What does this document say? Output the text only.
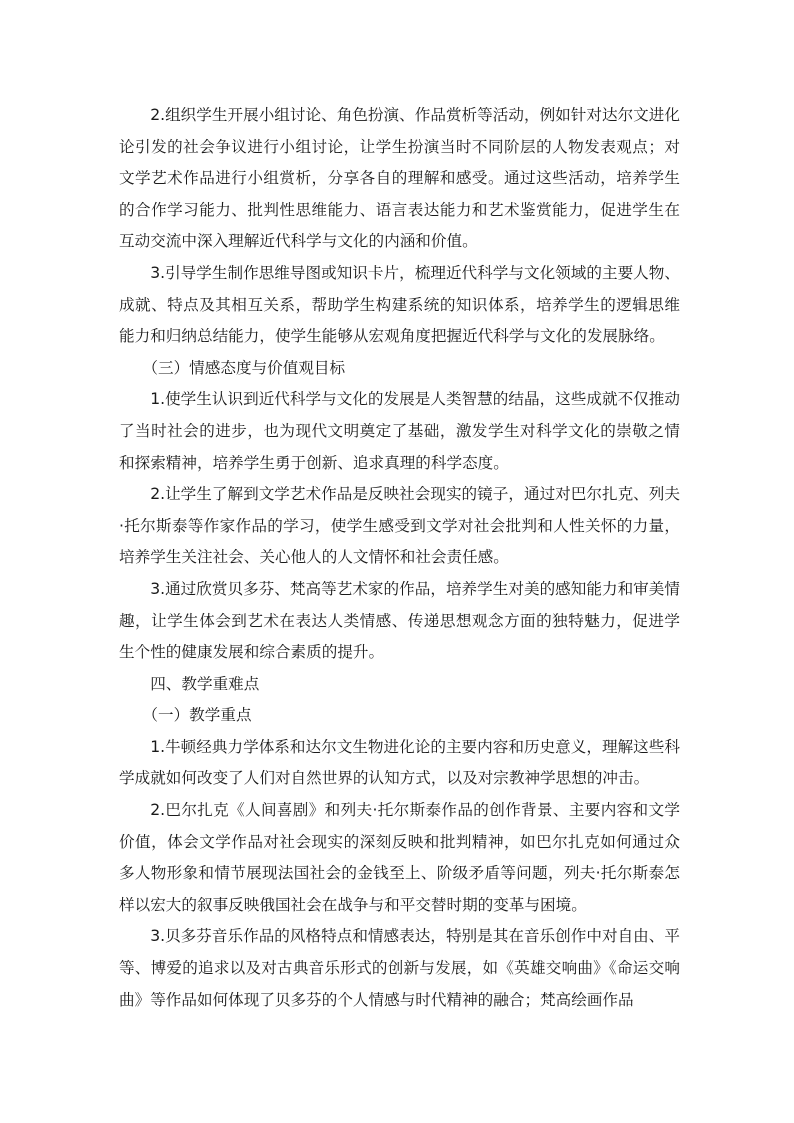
2.组织学生开展小组讨论、角色扮演、作品赏析等活动，例如针对达尔文进化论引发的社会争议进行小组讨论，让学生扮演当时不同阶层的人物发表观点；对文学艺术作品进行小组赏析，分享各自的理解和感受。通过这些活动，培养学生的合作学习能力、批判性思维能力、语言表达能力和艺术鉴赏能力，促进学生在互动交流中深入理解近代科学与文化的内涵和价值。

3.引导学生制作思维导图或知识卡片，梳理近代科学与文化领域的主要人物、成就、特点及其相互关系，帮助学生构建系统的知识体系，培养学生的逻辑思维能力和归纳总结能力，使学生能够从宏观角度把握近代科学与文化的发展脉络。

（三）情感态度与价值观目标

1.使学生认识到近代科学与文化的发展是人类智慧的结晶，这些成就不仅推动了当时社会的进步，也为现代文明奠定了基础，激发学生对科学文化的崇敬之情和探索精神，培养学生勇于创新、追求真理的科学态度。

2.让学生了解到文学艺术作品是反映社会现实的镜子，通过对巴尔扎克、列夫·托尔斯泰等作家作品的学习，使学生感受到文学对社会批判和人性关怀的力量，培养学生关注社会、关心他人的人文情怀和社会责任感。

3.通过欣赏贝多芬、梵高等艺术家的作品，培养学生对美的感知能力和审美情趣，让学生体会到艺术在表达人类情感、传递思想观念方面的独特魅力，促进学生个性的健康发展和综合素质的提升。

四、教学重难点

（一）教学重点

1.牛顿经典力学体系和达尔文生物进化论的主要内容和历史意义，理解这些科学成就如何改变了人们对自然世界的认知方式，以及对宗教神学思想的冲击。

2.巴尔扎克《人间喜剧》和列夫·托尔斯泰作品的创作背景、主要内容和文学价值，体会文学作品对社会现实的深刻反映和批判精神，如巴尔扎克如何通过众多人物形象和情节展现法国社会的金钱至上、阶级矛盾等问题，列夫·托尔斯泰怎样以宏大的叙事反映俄国社会在战争与和平交替时期的变革与困境。

3.贝多芬音乐作品的风格特点和情感表达，特别是其在音乐创作中对自由、平等、博爱的追求以及对古典音乐形式的创新与发展，如《英雄交响曲》《命运交响曲》等作品如何体现了贝多芬的个人情感与时代精神的融合；梵高绘画作品
